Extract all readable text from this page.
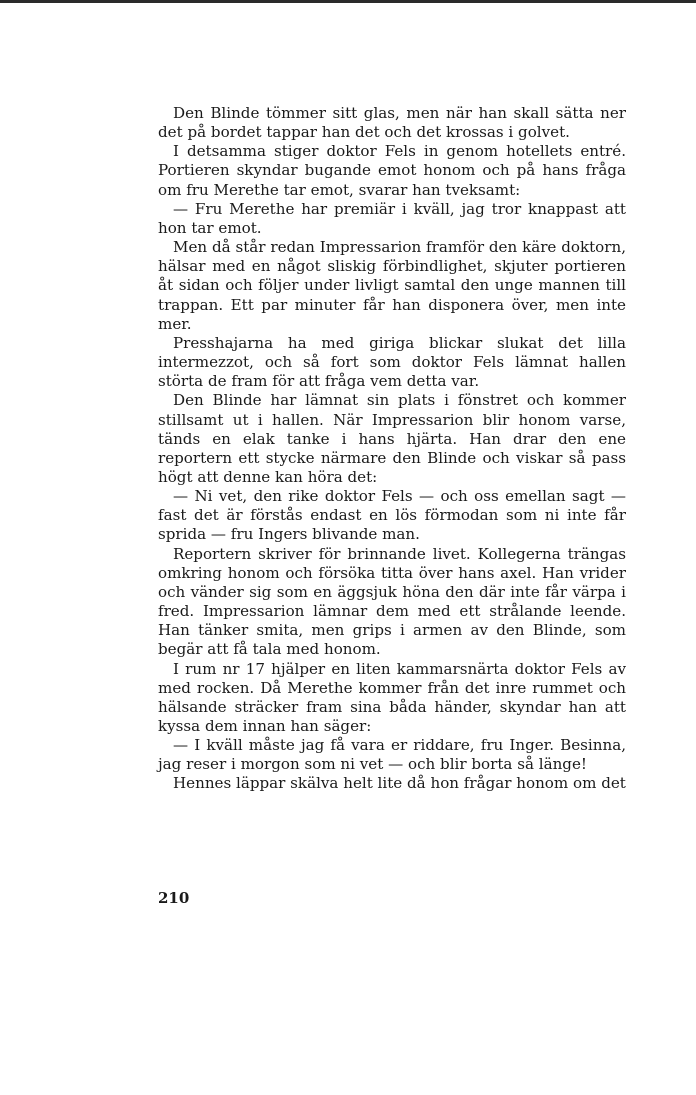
Den Blinde tömmer sitt glas, men när han skall sätta ner det på bordet tappar han det och det krossas i golvet.

I detsamma stiger doktor Fels in genom hotellets entré. Portieren skyndar bugande emot honom och på hans fråga om fru Merethe tar emot, svarar han tveksamt:

— Fru Merethe har premiär i kväll, jag tror knappast att hon tar emot.

Men då står redan Impressarion framför den käre doktorn, hälsar med en något sliskig förbindlighet, skjuter portieren åt sidan och följer under livligt samtal den unge mannen till trappan. Ett par minuter får han disponera över, men inte mer.

Presshajarna ha med giriga blickar slukat det lilla intermezzot, och så fort som doktor Fels lämnat hallen störta de fram för att fråga vem detta var.

Den Blinde har lämnat sin plats i fönstret och kommer stillsamt ut i hallen. När Impressarion blir honom varse, tänds en elak tanke i hans hjärta. Han drar den ene reportern ett stycke närmare den Blinde och viskar så pass högt att denne kan höra det:

— Ni vet, den rike doktor Fels — och oss emellan sagt — fast det är förstås endast en lös förmodan som ni inte får sprida — fru Ingers blivande man.

Reportern skriver för brinnande livet. Kollegerna trängas omkring honom och försöka titta över hans axel. Han vrider och vänder sig som en äggsjuk höna den där inte får värpa i fred. Impressarion lämnar dem med ett strålande leende. Han tänker smita, men grips i armen av den Blinde, som begär att få tala med honom.

I rum nr 17 hjälper en liten kammarsnärta doktor Fels av med rocken. Då Merethe kommer från det inre rummet och hälsande sträcker fram sina båda händer, skyndar han att kyssa dem innan han säger:

— I kväll måste jag få vara er riddare, fru Inger. Besinna, jag reser i morgon som ni vet — och blir borta så länge!

Hennes läppar skälva helt lite då hon frågar honom om det

210
